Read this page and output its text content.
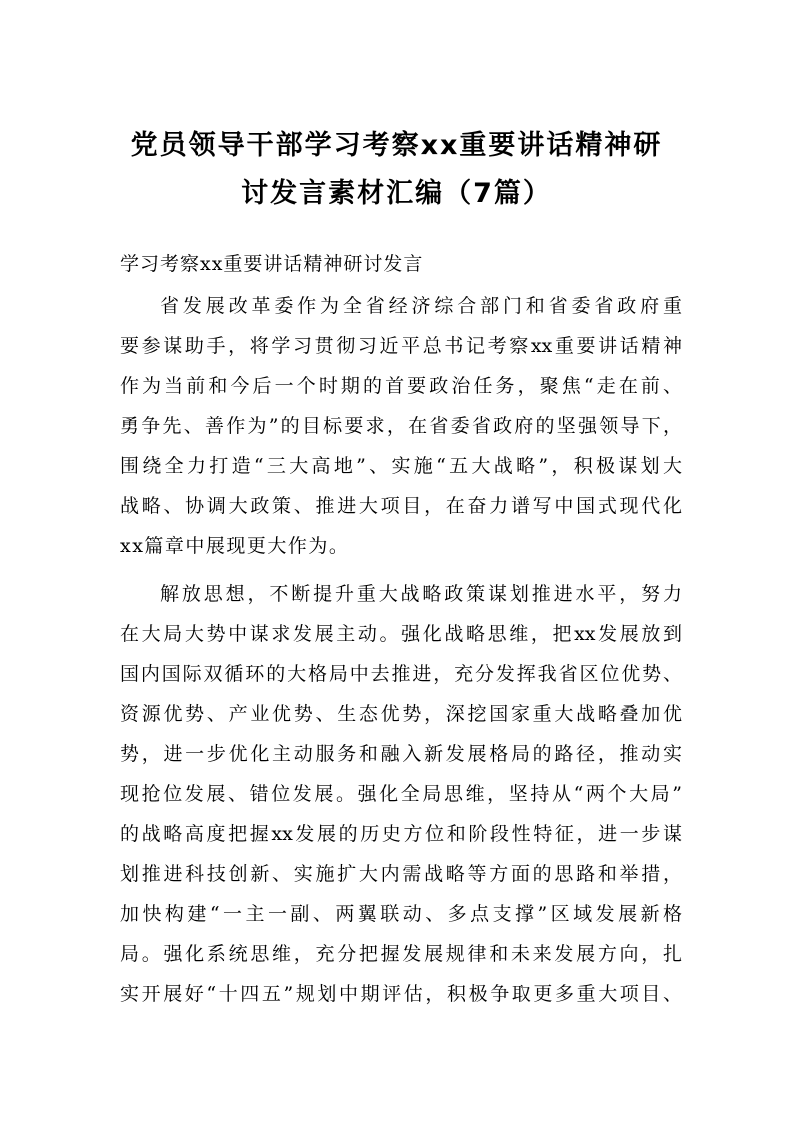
党员领导干部学习考察xx重要讲话精神研
讨发言素材汇编（7篇）
学习考察xx重要讲话精神研讨发言
省发展改革委作为全省经济综合部门和省委省政府重
要参谋助手，将学习贯彻习近平总书记考察xx重要讲话精神
作为当前和今后一个时期的首要政治任务，聚焦“走在前、
勇争先、善作为”的目标要求，在省委省政府的坚强领导下，
围绕全力打造“三大高地”、实施“五大战略”，积极谋划大
战略、协调大政策、推进大项目，在奋力谱写中国式现代化
xx篇章中展现更大作为。
解放思想，不断提升重大战略政策谋划推进水平，努力
在大局大势中谋求发展主动。强化战略思维，把xx发展放到
国内国际双循环的大格局中去推进，充分发挥我省区位优势、
资源优势、产业优势、生态优势，深挖国家重大战略叠加优
势，进一步优化主动服务和融入新发展格局的路径，推动实
现抢位发展、错位发展。强化全局思维，坚持从“两个大局”
的战略高度把握xx发展的历史方位和阶段性特征，进一步谋
划推进科技创新、实施扩大内需战略等方面的思路和举措，
加快构建“一主一副、两翼联动、多点支撑”区域发展新格
局。强化系统思维，充分把握发展规律和未来发展方向，扎
实开展好“十四五”规划中期评估，积极争取更多重大项目、
